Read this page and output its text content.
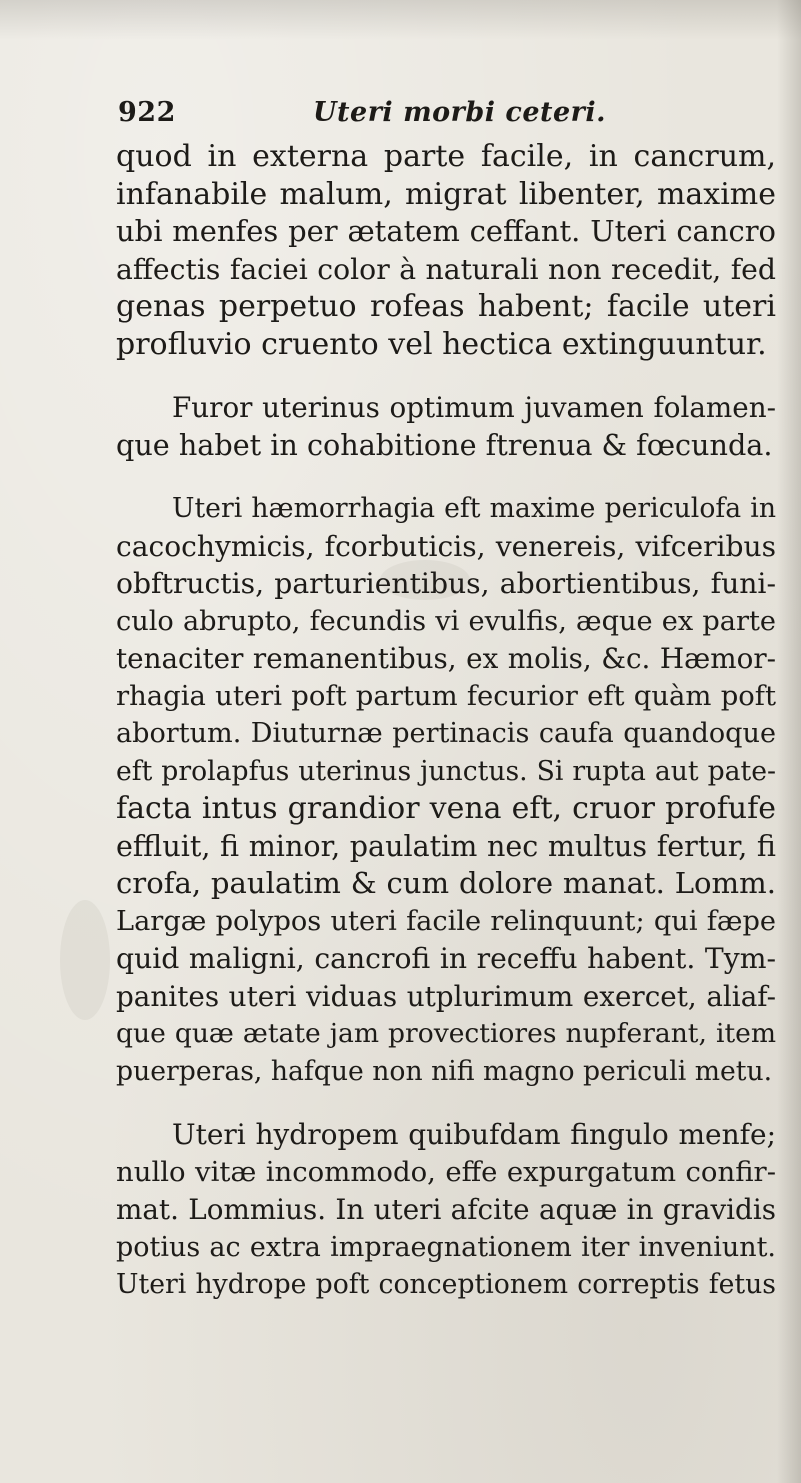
922	Uteri morbi ceteri.
quod in externa parte facile, in cancrum,
infanabile malum, migrat libenter, maxime
ubi menfes per ætatem ceffant. Uteri cancro
affectis faciei color à naturali non recedit, fed
genas perpetuo rofeas habent; facile uteri
profluvio cruento vel hectica extinguuntur.
Furor uterinus optimum juvamen folamen-
que habet in cohabitione ftrenua & fœcunda.
Uteri hæmorrhagia eft maxime periculofa in
cacochymicis, fcorbuticis, venereis, vifceribus
obftructis, parturientibus, abortientibus, funi-
culo abrupto, fecundis vi evulfis, æque ex parte
tenaciter remanentibus, ex molis, &c. Hæmor-
rhagia uteri poft partum fecurior eft quàm poft
abortum. Diuturnæ pertinacis caufa quandoque
eft prolapfus uterinus junctus. Si rupta aut pate-
facta intus grandior vena eft, cruor profufe
effluit, fi minor, paulatim nec multus fertur, fi
crofa, paulatim & cum dolore manat. Lomm.
Largæ polypos uteri facile relinquunt; qui fæpe
quid maligni, cancrofi in receffu habent. Tym-
panites uteri viduas utplurimum exercet, aliaf-
que quæ ætate jam provectiores nupferant, item
puerperas, hafque non nifi magno periculi metu.
Uteri hydropem quibufdam fingulo menfe;
nullo vitæ incommodo, effe expurgatum confir-
mat. Lommius. In uteri afcite aquæ in gravidis
potius ac extra impraegnationem iter inveniunt.
Uteri hydrope poft conceptionem correptis fetus
